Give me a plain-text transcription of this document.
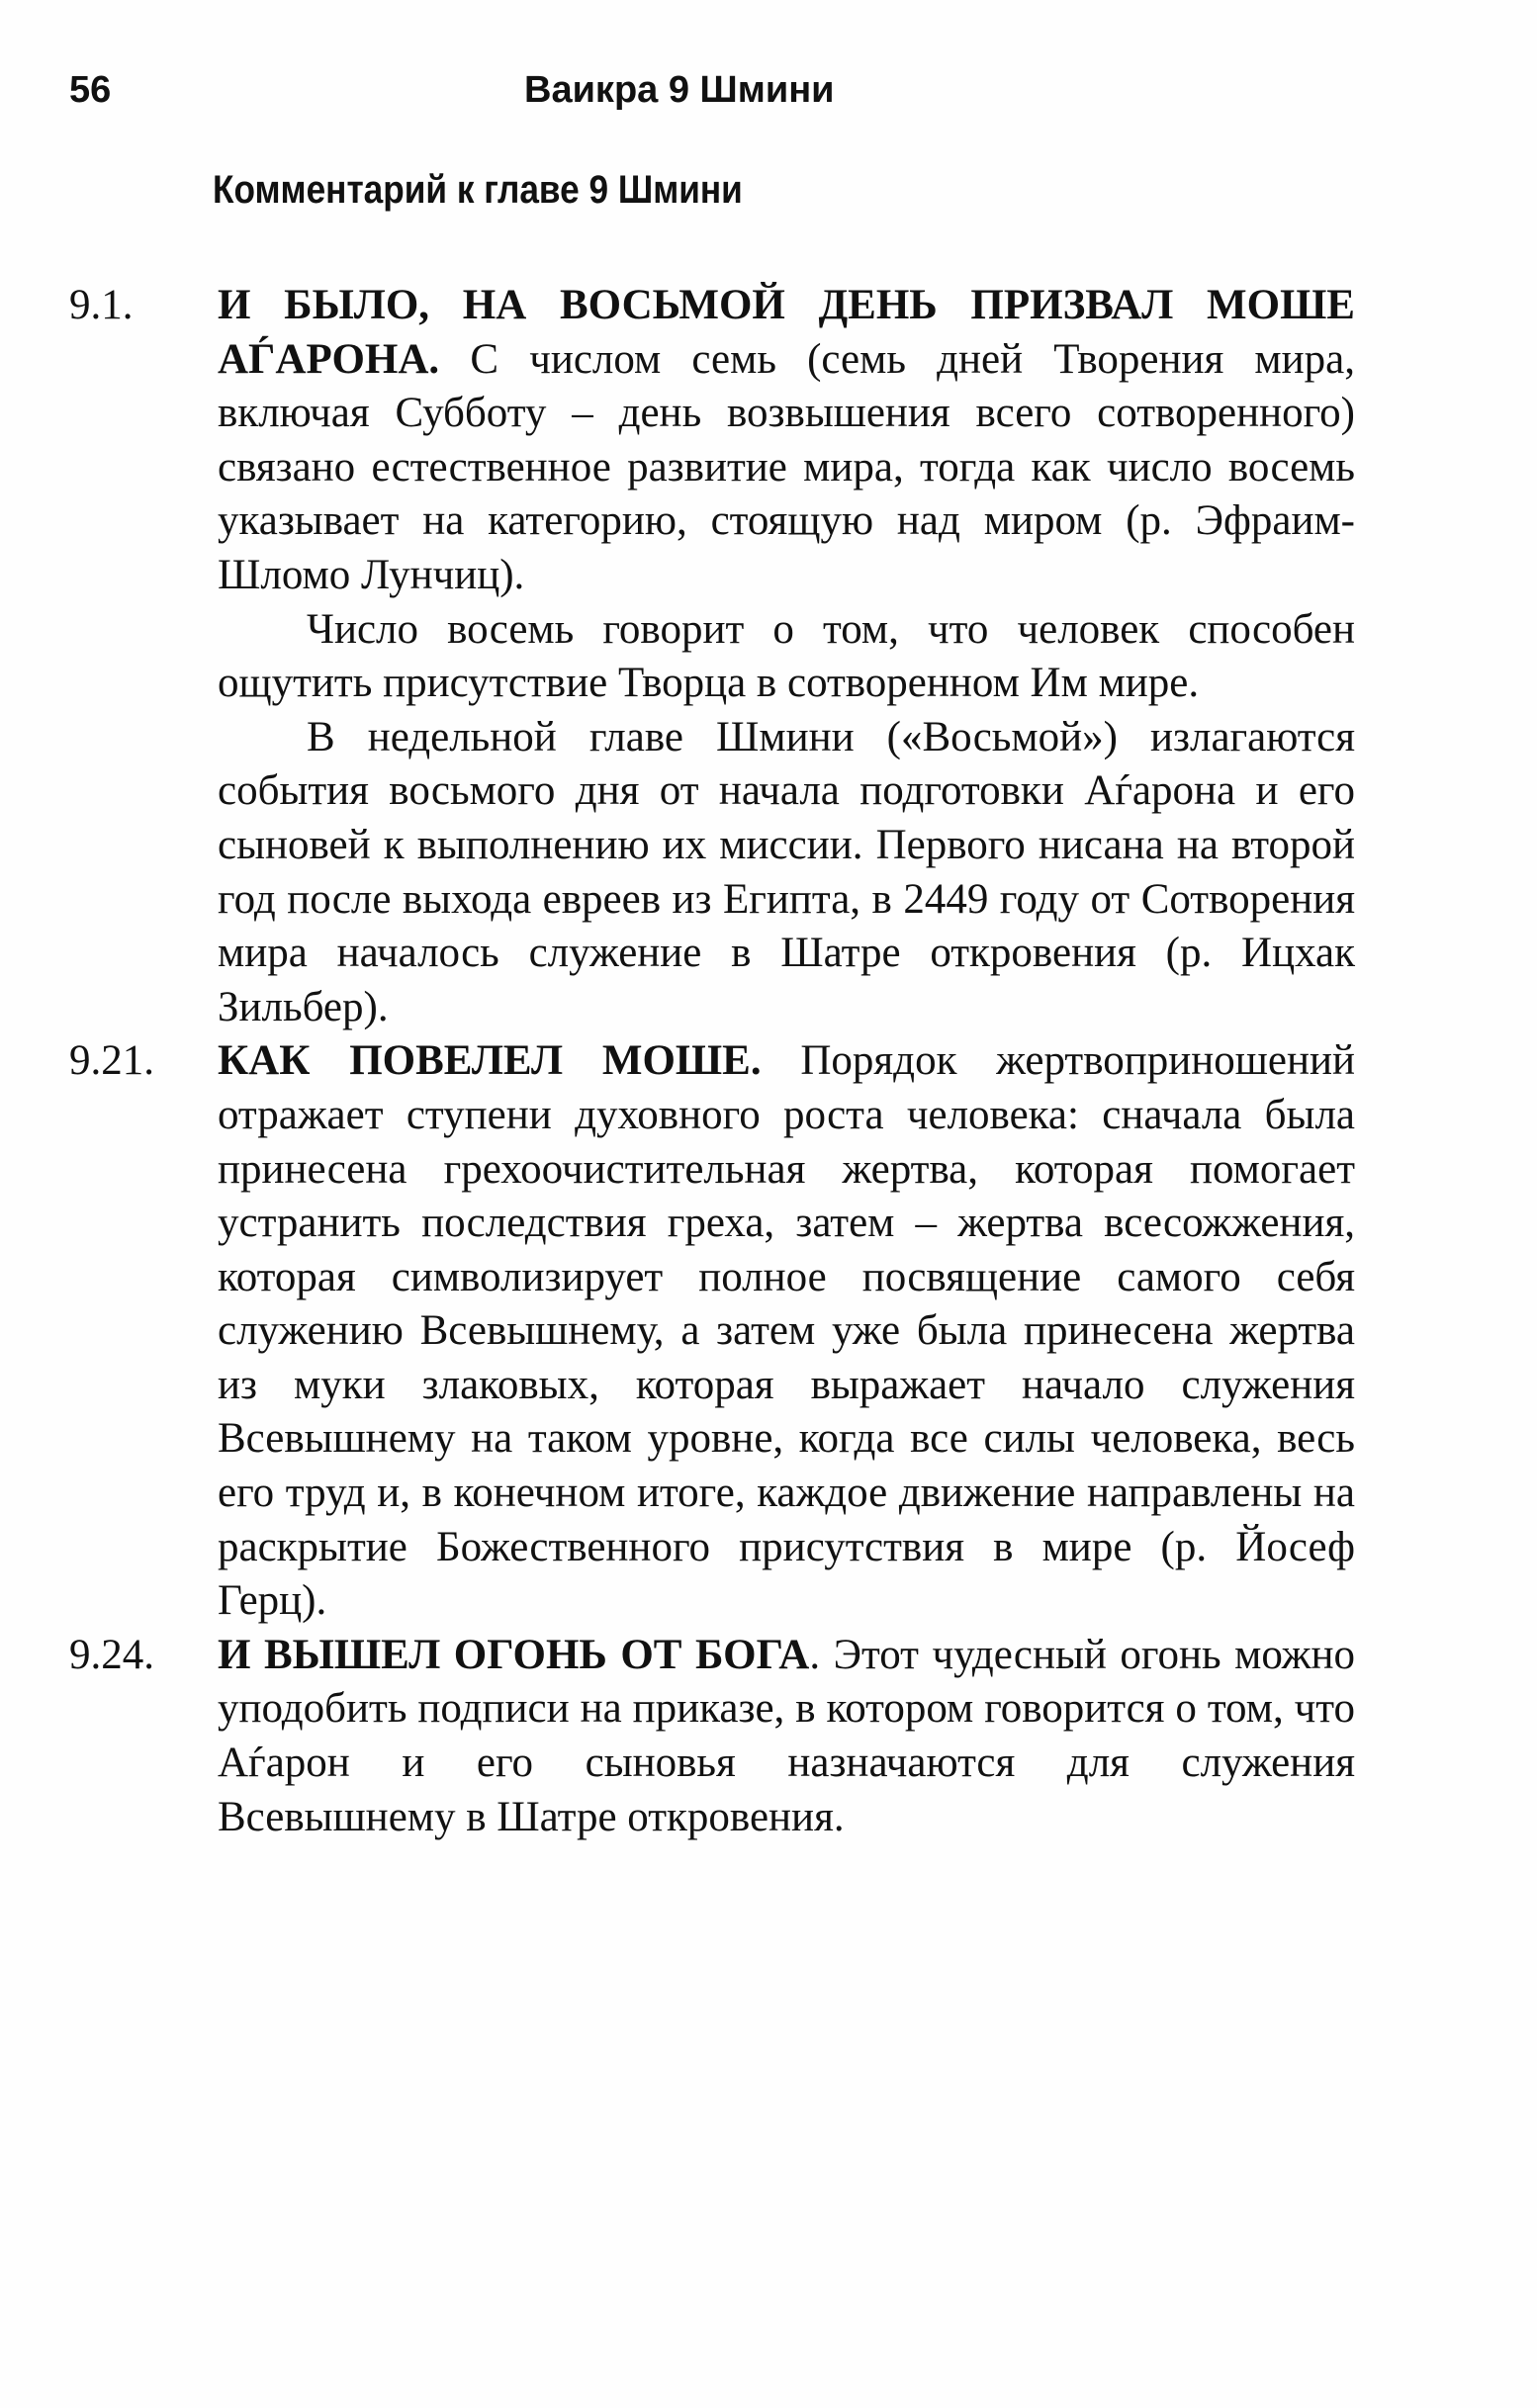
56	Ваикра 9 Шмини
Комментарий к главе 9 Шмини
9.1. И БЫЛО, НА ВОСЬМОЙ ДЕНЬ ПРИЗВАЛ МОШЕ АЃАРОНА. С числом семь (семь дней Творения мира, включая Субботу – день возвышения всего сотворенного) связано естественное развитие мира, тогда как число восемь указывает на категорию, стоящую над миром (р. Эфраим-Шломо Лунчиц).

Число восемь говорит о том, что человек способен ощутить присутствие Творца в сотворенном Им мире.

В недельной главе Шмини («Восьмой») излагаются события восьмого дня от начала подготовки Аѓарона и его сыновей к выполнению их миссии. Первого нисана на второй год после выхода евреев из Египта, в 2449 году от Сотворения мира началось служение в Шатре откровения (р. Ицхак Зильбер).

9.21. КАК ПОВЕЛЕЛ МОШЕ. Порядок жертвоприношений отражает ступени духовного роста человека: сначала была принесена грехоочистительная жертва, которая помогает устранить последствия греха, затем – жертва всесожжения, которая символизирует полное посвящение самого себя служению Всевышнему, а затем уже была принесена жертва из муки злаковых, которая выражает начало служения Всевышнему на таком уровне, когда все силы человека, весь его труд и, в конечном итоге, каждое движение направлены на раскрытие Божественного присутствия в мире (р. Йосеф Герц).
9.24. И ВЫШЕЛ ОГОНЬ ОТ БОГА. Этот чудесный огонь можно уподобить подписи на приказе, в котором говорится о том, что Аѓарон и его сыновья назначаются для служения Всевышнему в Шатре откровения.
